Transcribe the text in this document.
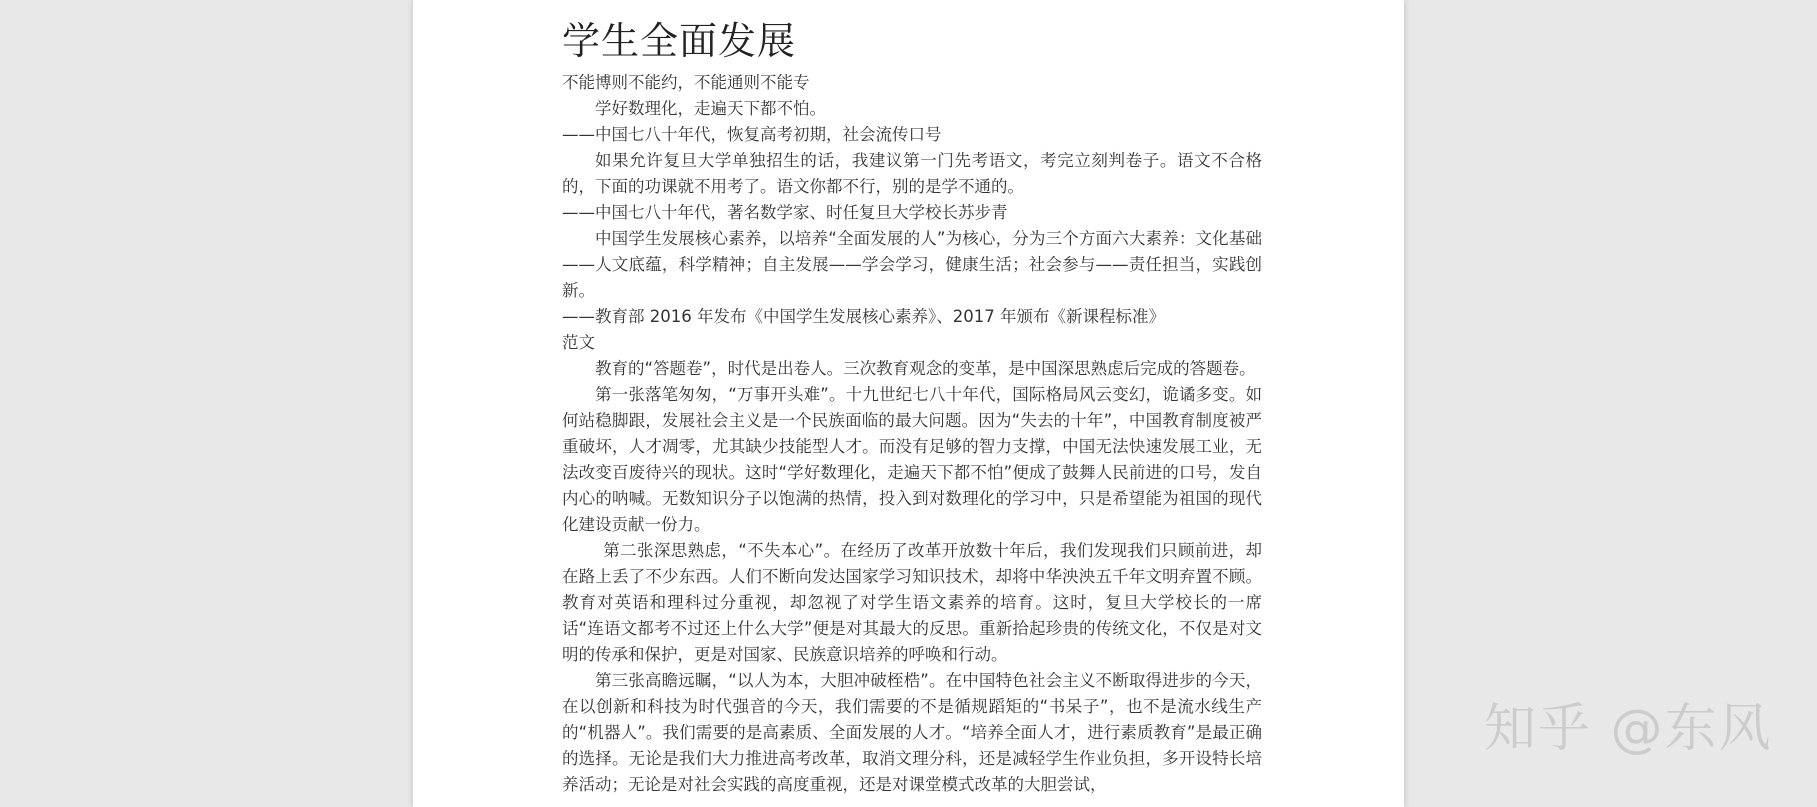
学生全面发展

不能博则不能约，不能通则不能专

学好数理化，走遍天下都不怕。

——中国七八十年代，恢复高考初期，社会流传口号

如果允许复旦大学单独招生的话，我建议第一门先考语文，考完立刻判卷子。语文不合格的，下面的功课就不用考了。语文你都不行，别的是学不通的。

——中国七八十年代，著名数学家、时任复旦大学校长苏步青

中国学生发展核心素养，以培养“全面发展的人”为核心，分为三个方面六大素养：文化基础——人文底蕴，科学精神；自主发展——学会学习，健康生活；社会参与——责任担当，实践创新。

——教育部 2016 年发布《中国学生发展核心素养》、2017 年颁布《新课程标准》

范文

教育的“答题卷”，时代是出卷人。三次教育观念的变革，是中国深思熟虑后完成的答题卷。

第一张落笔匆匆，“万事开头难”。十九世纪七八十年代，国际格局风云变幻，诡谲多变。如何站稳脚跟，发展社会主义是一个民族面临的最大问题。因为“失去的十年”，中国教育制度被严重破坏，人才凋零，尤其缺少技能型人才。而没有足够的智力支撑，中国无法快速发展工业，无法改变百废待兴的现状。这时“学好数理化，走遍天下都不怕”便成了鼓舞人民前进的口号，发自内心的呐喊。无数知识分子以饱满的热情，投入到对数理化的学习中，只是希望能为祖国的现代化建设贡献一份力。

第二张深思熟虑，“不失本心”。在经历了改革开放数十年后，我们发现我们只顾前进，却在路上丢了不少东西。人们不断向发达国家学习知识技术，却将中华泱泱五千年文明弃置不顾。教育对英语和理科过分重视，却忽视了对学生语文素养的培育。这时，复旦大学校长的一席话“连语文都考不过还上什么大学”便是对其最大的反思。重新拾起珍贵的传统文化，不仅是对文明的传承和保护，更是对国家、民族意识培养的呼唤和行动。

第三张高瞻远瞩，“以人为本，大胆冲破桎梏”。在中国特色社会主义不断取得进步的今天，在以创新和科技为时代强音的今天，我们需要的不是循规蹈矩的“书呆子”，也不是流水线生产的“机器人”。我们需要的是高素质、全面发展的人才。“培养全面人才，进行素质教育”是最正确的选择。无论是我们大力推进高考改革，取消文理分科，还是减轻学生作业负担，多开设特长培养活动；无论是对社会实践的高度重视，还是对课堂模式改革的大胆尝试，

知乎 @东风
